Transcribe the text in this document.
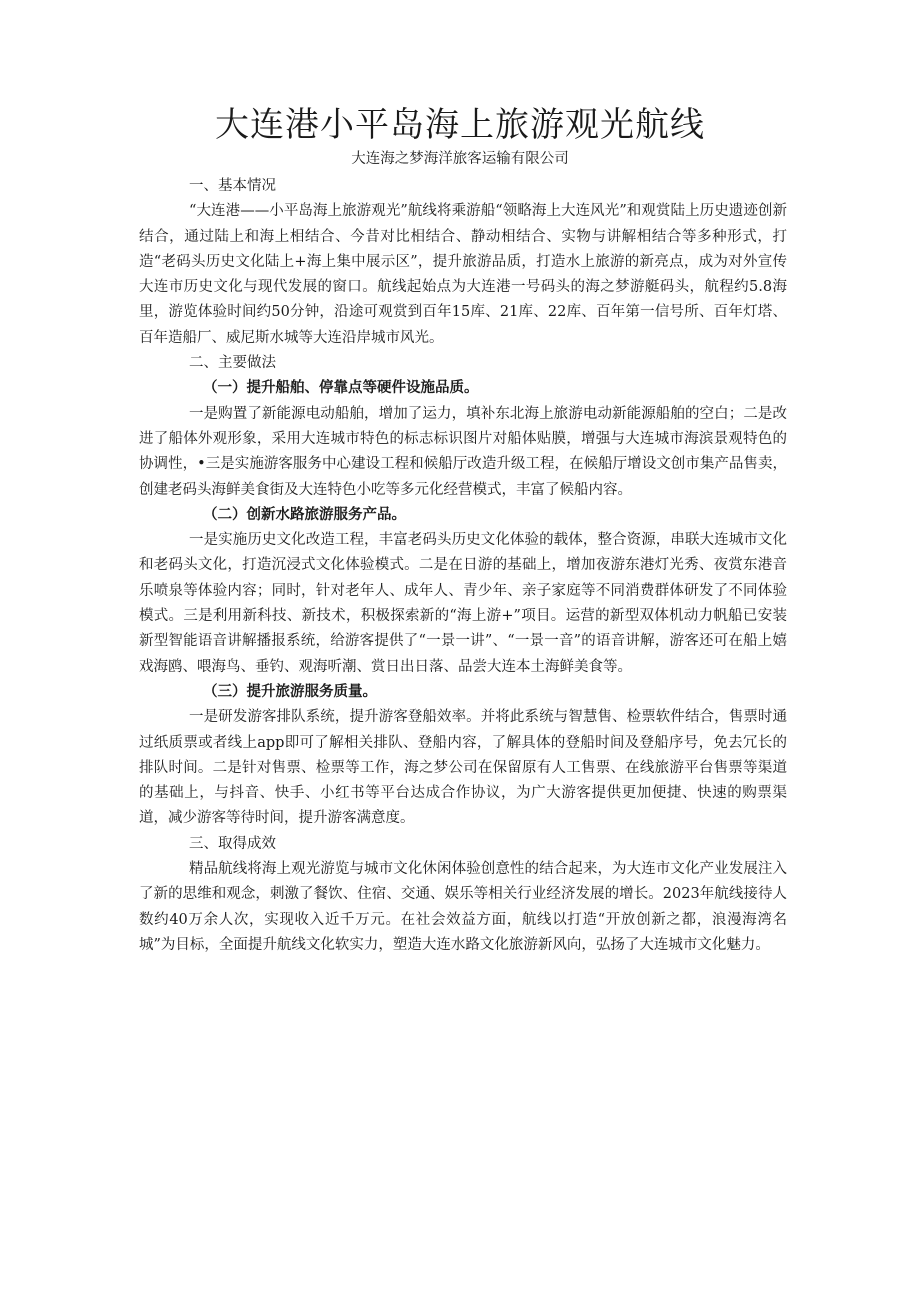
大连港小平岛海上旅游观光航线
大连海之梦海洋旅客运输有限公司

一、基本情况

“大连港——小平岛海上旅游观光”航线将乘游船“领略海上大连风光”和观赏陆上历史遗迹创新结合，通过陆上和海上相结合、今昔对比相结合、静动相结合、实物与讲解相结合等多种形式，打造“老码头历史文化陆上+海上集中展示区”，提升旅游品质，打造水上旅游的新亮点，成为对外宣传大连市历史文化与现代发展的窗口。航线起始点为大连港一号码头的海之梦游艇码头，航程约5.8海里，游览体验时间约50分钟，沿途可观赏到百年15库、21库、22库、百年第一信号所、百年灯塔、百年造船厂、威尼斯水城等大连沿岸城市风光。

二、主要做法

（一）提升船舶、停靠点等硬件设施品质。

一是购置了新能源电动船舶，增加了运力，填补东北海上旅游电动新能源船舶的空白；二是改进了船体外观形象，采用大连城市特色的标志标识图片对船体贴膜，增强与大连城市海滨景观特色的协调性，•三是实施游客服务中心建设工程和候船厅改造升级工程，在候船厅增设文创市集产品售卖，创建老码头海鲜美食街及大连特色小吃等多元化经营模式，丰富了候船内容。

（二）创新水路旅游服务产品。

一是实施历史文化改造工程，丰富老码头历史文化体验的载体，整合资源，串联大连城市文化和老码头文化，打造沉浸式文化体验模式。二是在日游的基础上，增加夜游东港灯光秀、夜赏东港音乐喷泉等体验内容；同时，针对老年人、成年人、青少年、亲子家庭等不同消费群体研发了不同体验模式。三是利用新科技、新技术，积极探索新的“海上游+”项目。运营的新型双体机动力帆船已安装新型智能语音讲解播报系统，给游客提供了“一景一讲”、“一景一音”的语音讲解，游客还可在船上嬉戏海鸥、喂海鸟、垂钓、观海听潮、赏日出日落、品尝大连本土海鲜美食等。

（三）提升旅游服务质量。

一是研发游客排队系统，提升游客登船效率。并将此系统与智慧售、检票软件结合，售票时通过纸质票或者线上app即可了解相关排队、登船内容，了解具体的登船时间及登船序号，免去冗长的排队时间。二是针对售票、检票等工作，海之梦公司在保留原有人工售票、在线旅游平台售票等渠道的基础上，与抖音、快手、小红书等平台达成合作协议，为广大游客提供更加便捷、快速的购票渠道，减少游客等待时间，提升游客满意度。

三、取得成效

精品航线将海上观光游览与城市文化休闲体验创意性的结合起来，为大连市文化产业发展注入了新的思维和观念，刺激了餐饮、住宿、交通、娱乐等相关行业经济发展的增长。2023年航线接待人数约40万余人次，实现收入近千万元。在社会效益方面，航线以打造“开放创新之都，浪漫海湾名城”为目标，全面提升航线文化软实力，塑造大连水路文化旅游新风向，弘扬了大连城市文化魅力。
